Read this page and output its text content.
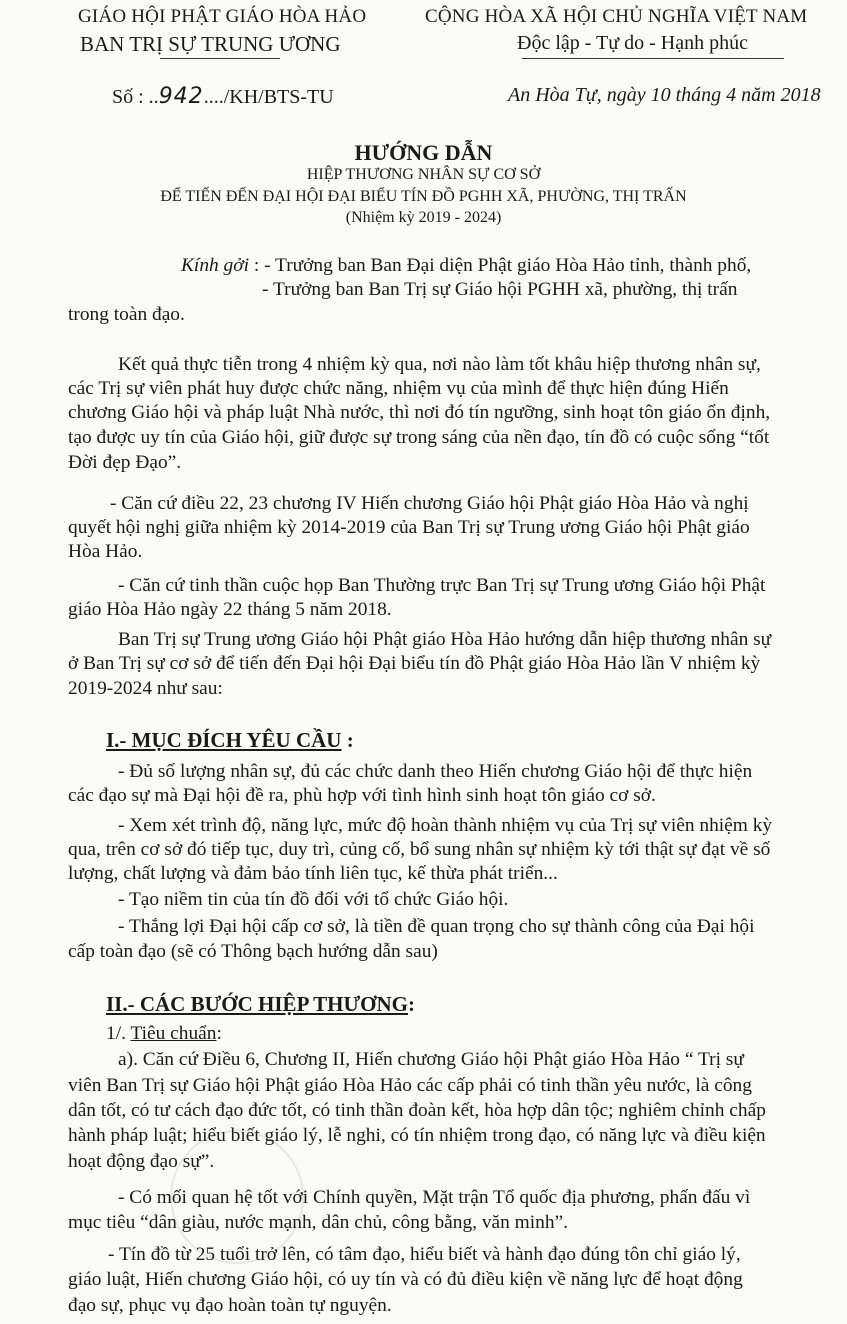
GIÁO HỘI PHẬT GIÁO HÒA HẢO
BAN TRỊ SỰ TRUNG ƯƠNG
CỘNG HÒA XÃ HỘI CHỦ NGHĨA VIỆT NAM
Độc lập - Tự do - Hạnh phúc
Số : ..942..../KH/BTS-TU	An Hòa Tự, ngày 10 tháng 4 năm 2018
HƯỚNG DẪN
HIỆP THƯƠNG NHÂN SỰ CƠ SỞ
ĐỂ TIẾN ĐẾN ĐẠI HỘI ĐẠI BIỂU TÍN ĐỒ PGHH XÃ, PHƯỜNG, THỊ TRẤN
(Nhiệm kỳ 2019 - 2024)
Kính gởi : - Trưởng ban Ban Đại diện Phật giáo Hòa Hảo tỉnh, thành phố,
- Trưởng ban Ban Trị sự Giáo hội PGHH xã, phường, thị trấn
trong toàn đạo.
Kết quả thực tiễn trong 4 nhiệm kỳ qua, nơi nào làm tốt khâu hiệp thương nhân sự,
các Trị sự viên phát huy được chức năng, nhiệm vụ của mình để thực hiện đúng Hiến
chương Giáo hội và pháp luật Nhà nước, thì nơi đó tín ngưỡng, sinh hoạt tôn giáo ổn định,
tạo được uy tín của Giáo hội, giữ được sự trong sáng của nền đạo, tín đồ có cuộc sống “tốt
Đời đẹp Đạo”.
- Căn cứ điều 22, 23 chương IV Hiến chương Giáo hội Phật giáo Hòa Hảo và nghị
quyết hội nghị giữa nhiệm kỳ 2014-2019 của Ban Trị sự Trung ương Giáo hội Phật giáo
Hòa Hảo.
- Căn cứ tinh thần cuộc họp Ban Thường trực Ban Trị sự Trung ương Giáo hội Phật
giáo Hòa Hảo ngày 22 tháng 5 năm 2018.
Ban Trị sự Trung ương Giáo hội Phật giáo Hòa Hảo hướng dẫn hiệp thương nhân sự
ở Ban Trị sự cơ sở để tiến đến Đại hội Đại biểu tín đồ Phật giáo Hòa Hảo lần V nhiệm kỳ
2019-2024 như sau:
I.- MỤC ĐÍCH YÊU CẦU :
- Đủ số lượng nhân sự, đủ các chức danh theo Hiến chương Giáo hội để thực hiện
các đạo sự mà Đại hội đề ra, phù hợp với tình hình sinh hoạt tôn giáo cơ sở.
- Xem xét trình độ, năng lực, mức độ hoàn thành nhiệm vụ của Trị sự viên nhiệm kỳ
qua, trên cơ sở đó tiếp tục, duy trì, củng cố, bổ sung nhân sự nhiệm kỳ tới thật sự đạt về số
lượng, chất lượng và đảm bảo tính liên tục, kế thừa phát triển...
- Tạo niềm tin của tín đồ đối với tổ chức Giáo hội.
- Thắng lợi Đại hội cấp cơ sở, là tiền đề quan trọng cho sự thành công của Đại hội
cấp toàn đạo (sẽ có Thông bạch hướng dẫn sau)
II.- CÁC BƯỚC HIỆP THƯƠNG:
1/. Tiêu chuẩn:
a). Căn cứ Điều 6, Chương II, Hiến chương Giáo hội Phật giáo Hòa Hảo “ Trị sự
viên Ban Trị sự Giáo hội Phật giáo Hòa Hảo các cấp phải có tinh thần yêu nước, là công
dân tốt, có tư cách đạo đức tốt, có tinh thần đoàn kết, hòa hợp dân tộc; nghiêm chỉnh chấp
hành pháp luật; hiểu biết giáo lý, lễ nghi, có tín nhiệm trong đạo, có năng lực và điều kiện
hoạt động đạo sự”.
- Có mối quan hệ tốt với Chính quyền, Mặt trận Tổ quốc địa phương, phấn đấu vì
mục tiêu “dân giàu, nước mạnh, dân chủ, công bằng, văn minh”.
- Tín đồ từ 25 tuổi trở lên, có tâm đạo, hiểu biết và hành đạo đúng tôn chỉ giáo lý,
giáo luật, Hiến chương Giáo hội, có uy tín và có đủ điều kiện về năng lực để hoạt động
đạo sự, phục vụ đạo hoàn toàn tự nguyện.
